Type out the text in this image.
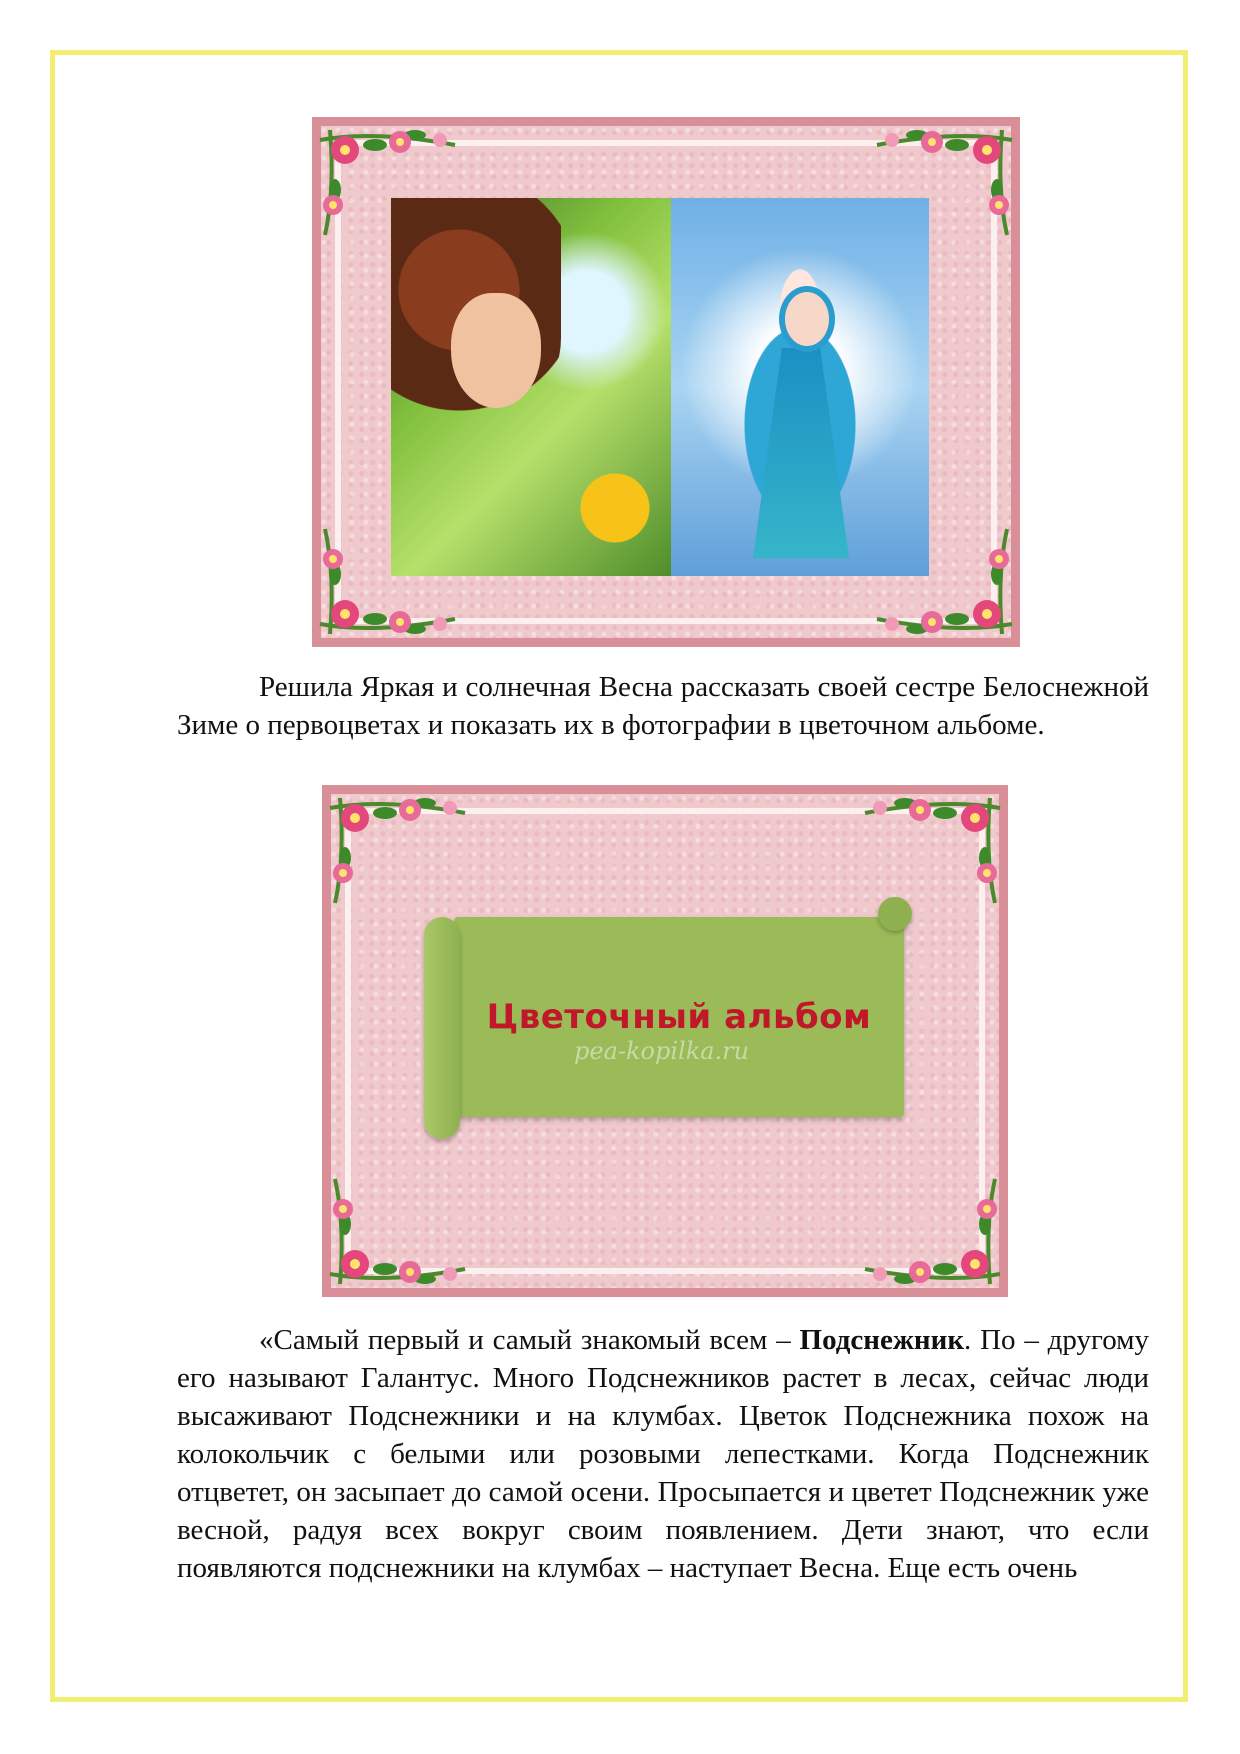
Решила Яркая и солнечная Весна рассказать своей сестре Белоснежной Зиме о первоцветах и показать их в фотографии в цветочном альбоме.

Цветочный альбом
pea-kopilka.ru

«Самый первый и самый знакомый всем – Подснежник. По – другому его называют Галантус. Много Подснежников растет в лесах, сейчас люди высаживают Подснежники и на клумбах. Цветок Подснежника похож на колокольчик с белыми или розовыми лепестками. Когда Подснежник отцветет, он засыпает до самой осени. Просыпается и цветет Подснежник уже весной, радуя всех вокруг своим появлением. Дети знают, что если появляются подснежники на клумбах – наступает Весна. Еще есть очень
